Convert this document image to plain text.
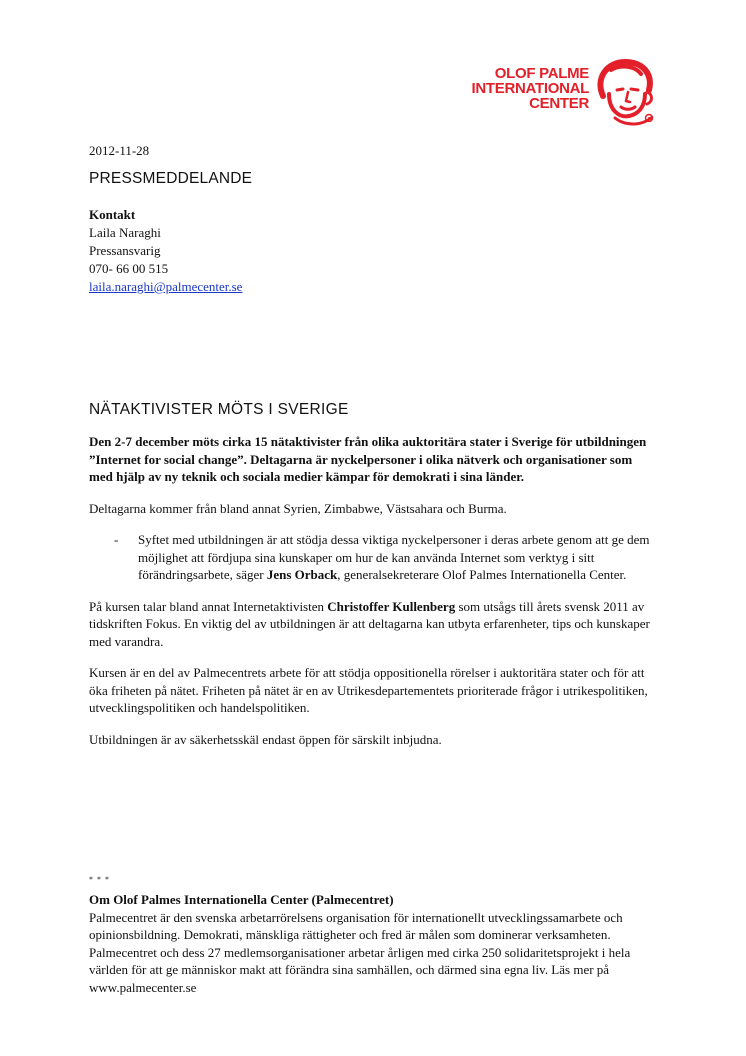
OLOF PALME
INTERNATIONAL
CENTER
2012-11-28
PRESSMEDDELANDE
Kontakt
Laila Naraghi
Pressansvarig
070- 66 00 515
laila.naraghi@palmecenter.se
NÄTAKTIVISTER MÖTS I SVERIGE

Den 2-7 december möts cirka 15 nätaktivister från olika auktoritära stater i Sverige för utbildningen ”Internet for social change”. Deltagarna är nyckelpersoner i olika nätverk och organisationer som med hjälp av ny teknik och sociala medier kämpar för demokrati i sina länder.

Deltagarna kommer från bland annat Syrien, Zimbabwe, Västsahara och Burma.

- Syftet med utbildningen är att stödja dessa viktiga nyckelpersoner i deras arbete genom att ge dem möjlighet att fördjupa sina kunskaper om hur de kan använda Internet som verktyg i sitt förändringsarbete, säger Jens Orback, generalsekreterare Olof Palmes Internationella Center.

På kursen talar bland annat Internetaktivisten Christoffer Kullenberg som utsågs till årets svensk 2011 av tidskriften Fokus. En viktig del av utbildningen är att deltagarna kan utbyta erfarenheter, tips och kunskaper med varandra.

Kursen är en del av Palmecentrets arbete för att stödja oppositionella rörelser i auktoritära stater och för att öka friheten på nätet. Friheten på nätet är en av Utrikesdepartementets prioriterade frågor i utrikespolitiken, utvecklingspolitiken och handelspolitiken.

Utbildningen är av säkerhetsskäl endast öppen för särskilt inbjudna.

* * *
Om Olof Palmes Internationella Center (Palmecentret)
Palmecentret är den svenska arbetarrörelsens organisation för internationellt utvecklingssamarbete och opinionsbildning. Demokrati, mänskliga rättigheter och fred är målen som dominerar verksamheten. Palmecentret och dess 27 medlemsorganisationer arbetar årligen med cirka 250 solidaritetsprojekt i hela världen för att ge människor makt att förändra sina samhällen, och därmed sina egna liv. Läs mer på www.palmecenter.se
